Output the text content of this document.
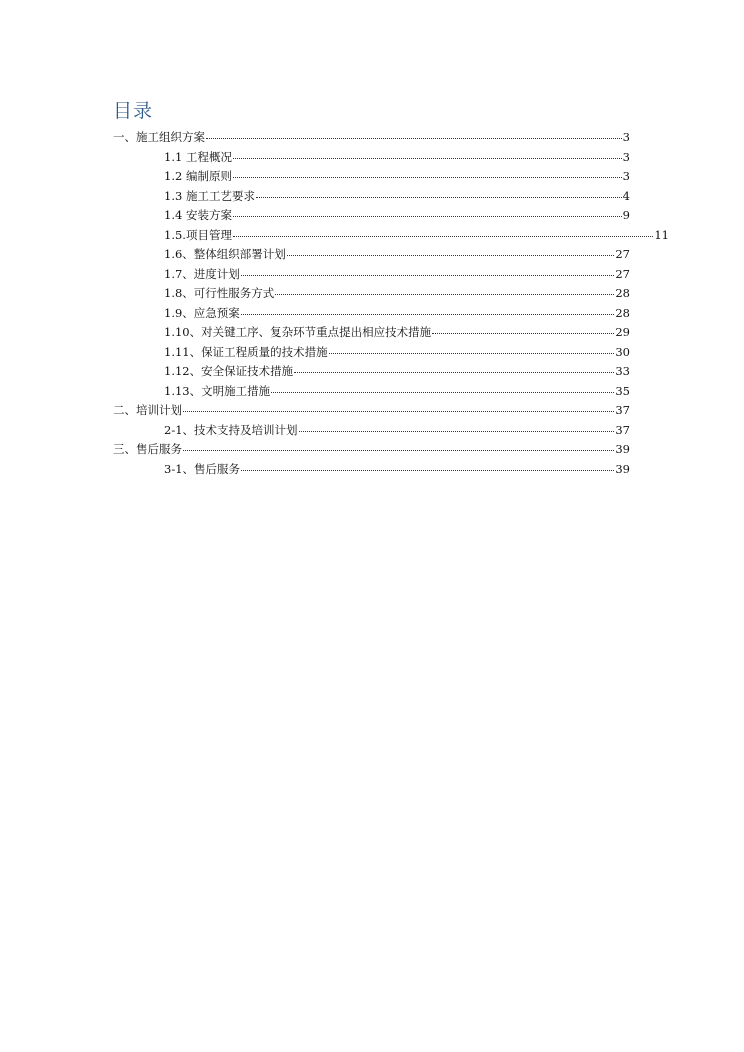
目录
一、施工组织方案	3
1.1 工程概况	3
1.2 编制原则	3
1.3 施工工艺要求	4
1.4 安装方案	9
1.5.项目管理	11
1.6、整体组织部署计划	27
1.7、进度计划	27
1.8、可行性服务方式	28
1.9、应急预案	28
1.10、对关键工序、复杂环节重点提出相应技术措施	29
1.11、保证工程质量的技术措施	30
1.12、安全保证技术措施	33
1.13、文明施工措施	35
二、培训计划	37
2-1、技术支持及培训计划	37
三、售后服务	39
3-1、售后服务	39
